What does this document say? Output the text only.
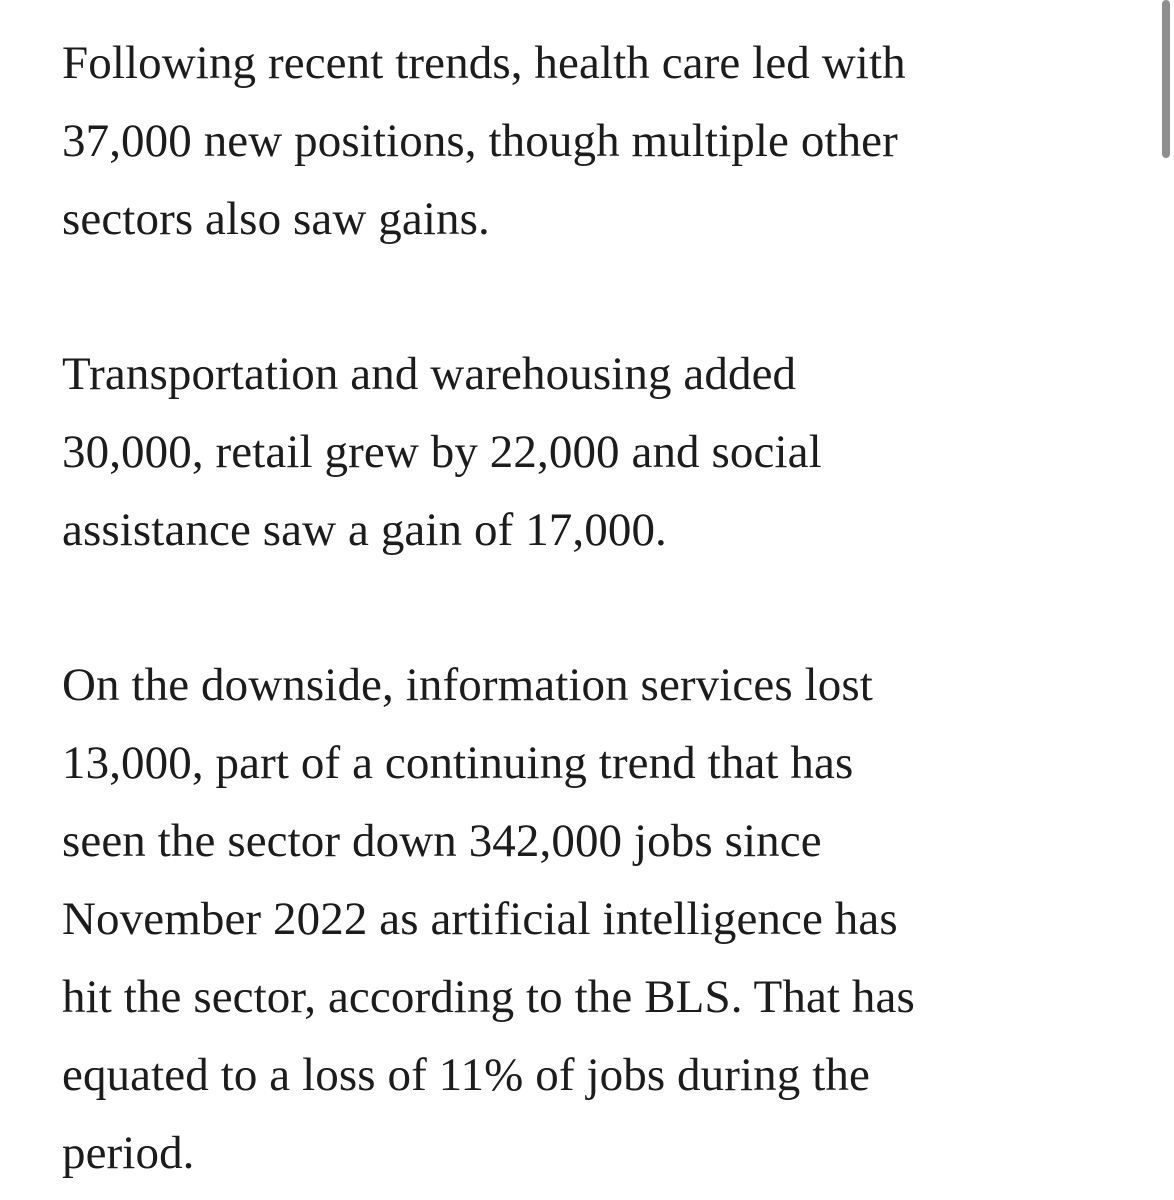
Following recent trends, health care led with
37,000 new positions, though multiple other
sectors also saw gains.

Transportation and warehousing added
30,000, retail grew by 22,000 and social
assistance saw a gain of 17,000.

On the downside, information services lost
13,000, part of a continuing trend that has
seen the sector down 342,000 jobs since
November 2022 as artificial intelligence has
hit the sector, according to the BLS. That has
equated to a loss of 11% of jobs during the
period.
